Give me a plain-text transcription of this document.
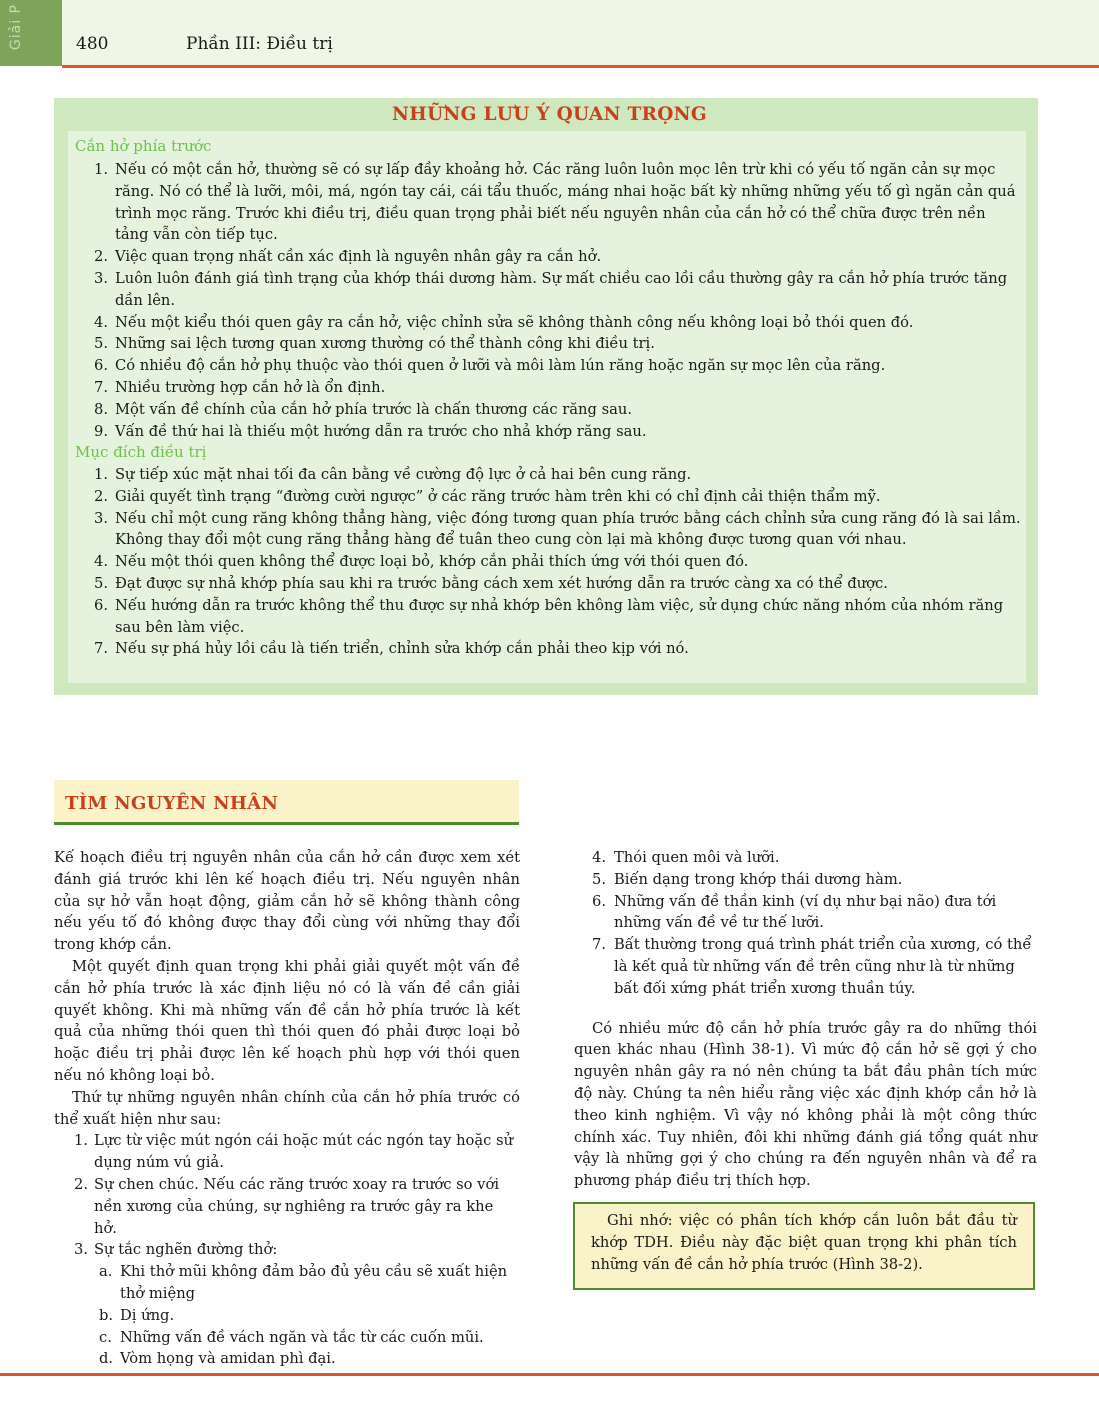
Giải P	480	Phần III: Điều trị
NHỮNG LƯU Ý QUAN TRỌNG
Cắn hở phía trước
1. Nếu có một cắn hở, thường sẽ có sự lấp đầy khoảng hở. Các răng luôn luôn mọc lên trừ khi có yếu tố ngăn cản sự mọc răng. Nó có thể là lưỡi, môi, má, ngón tay cái, cái tẩu thuốc, máng nhai hoặc bất kỳ những những yếu tố gì ngăn cản quá trình mọc răng. Trước khi điều trị, điều quan trọng phải biết nếu nguyên nhân của cắn hở có thể chữa được trên nền tảng vẫn còn tiếp tục.
2. Việc quan trọng nhất cần xác định là nguyên nhân gây ra cắn hở.
3. Luôn luôn đánh giá tình trạng của khớp thái dương hàm. Sự mất chiều cao lồi cầu thường gây ra cắn hở phía trước tăng dần lên.
4. Nếu một kiểu thói quen gây ra cắn hở, việc chỉnh sửa sẽ không thành công nếu không loại bỏ thói quen đó.
5. Những sai lệch tương quan xương thường có thể thành công khi điều trị.
6. Có nhiều độ cắn hở phụ thuộc vào thói quen ở lưỡi và môi làm lún răng hoặc ngăn sự mọc lên của răng.
7. Nhiều trường hợp cắn hở là ổn định.
8. Một vấn đề chính của cắn hở phía trước là chấn thương các răng sau.
9. Vấn đề thứ hai là thiếu một hướng dẫn ra trước cho nhả khớp răng sau.
Mục đích điều trị
1. Sự tiếp xúc mặt nhai tối đa cân bằng về cường độ lực ở cả hai bên cung răng.
2. Giải quyết tình trạng “đường cười ngược” ở các răng trước hàm trên khi có chỉ định cải thiện thẩm mỹ.
3. Nếu chỉ một cung răng không thẳng hàng, việc đóng tương quan phía trước bằng cách chỉnh sửa cung răng đó là sai lầm. Không thay đổi một cung răng thẳng hàng để tuân theo cung còn lại mà không được tương quan với nhau.
4. Nếu một thói quen không thể được loại bỏ, khớp cắn phải thích ứng với thói quen đó.
5. Đạt được sự nhả khớp phía sau khi ra trước bằng cách xem xét hướng dẫn ra trước càng xa có thể được.
6. Nếu hướng dẫn ra trước không thể thu được sự nhả khớp bên không làm việc, sử dụng chức năng nhóm của nhóm răng sau bên làm việc.
7. Nếu sự phá hủy lồi cầu là tiến triển, chỉnh sửa khớp cắn phải theo kịp với nó.
TÌM NGUYÊN NHÂN

Kế hoạch điều trị nguyên nhân của cắn hở cần được xem xét đánh giá trước khi lên kế hoạch điều trị. Nếu nguyên nhân của sự hở vẫn hoạt động, giảm cắn hở sẽ không thành công nếu yếu tố đó không được thay đổi cùng với những thay đổi trong khớp cắn.

Một quyết định quan trọng khi phải giải quyết một vấn đề cắn hở phía trước là xác định liệu nó có là vấn đề cần giải quyết không. Khi mà những vấn đề cắn hở phía trước là kết quả của những thói quen thì thói quen đó phải được loại bỏ hoặc điều trị phải được lên kế hoạch phù hợp với thói quen nếu nó không loại bỏ.

Thứ tự những nguyên nhân chính của cắn hở phía trước có thể xuất hiện như sau:

1. Lực từ việc mút ngón cái hoặc mút các ngón tay hoặc sử dụng núm vú giả.
2. Sự chen chúc. Nếu các răng trước xoay ra trước so với nền xương của chúng, sự nghiêng ra trước gây ra khe hở.
3. Sự tắc nghẽn đường thở:
a. Khi thở mũi không đảm bảo đủ yêu cầu sẽ xuất hiện thở miệng
b. Dị ứng.
c. Những vấn đề vách ngăn và tắc từ các cuốn mũi.
d. Vòm họng và amidan phì đại.
4. Thói quen môi và lưỡi.
5. Biến dạng trong khớp thái dương hàm.
6. Những vấn đề thần kinh (ví dụ như bại não) đưa tới những vấn đề về tư thế lưỡi.
7. Bất thường trong quá trình phát triển của xương, có thể là kết quả từ những vấn đề trên cũng như là từ những bất đối xứng phát triển xương thuần túy.

Có nhiều mức độ cắn hở phía trước gây ra do những thói quen khác nhau (Hình 38-1). Vì mức độ cắn hở sẽ gợi ý cho nguyên nhân gây ra nó nên chúng ta bắt đầu phân tích mức độ này. Chúng ta nên hiểu rằng việc xác định khớp cắn hở là theo kinh nghiệm. Vì vậy nó không phải là một công thức chính xác. Tuy nhiên, đôi khi những đánh giá tổng quát như vậy là những gợi ý cho chúng ra đến nguyên nhân và để ra phương pháp điều trị thích hợp.

Ghi nhớ: việc có phân tích khớp cắn luôn bắt đầu từ khớp TDH. Điều này đặc biệt quan trọng khi phân tích những vấn đề cắn hở phía trước (Hình 38-2).
